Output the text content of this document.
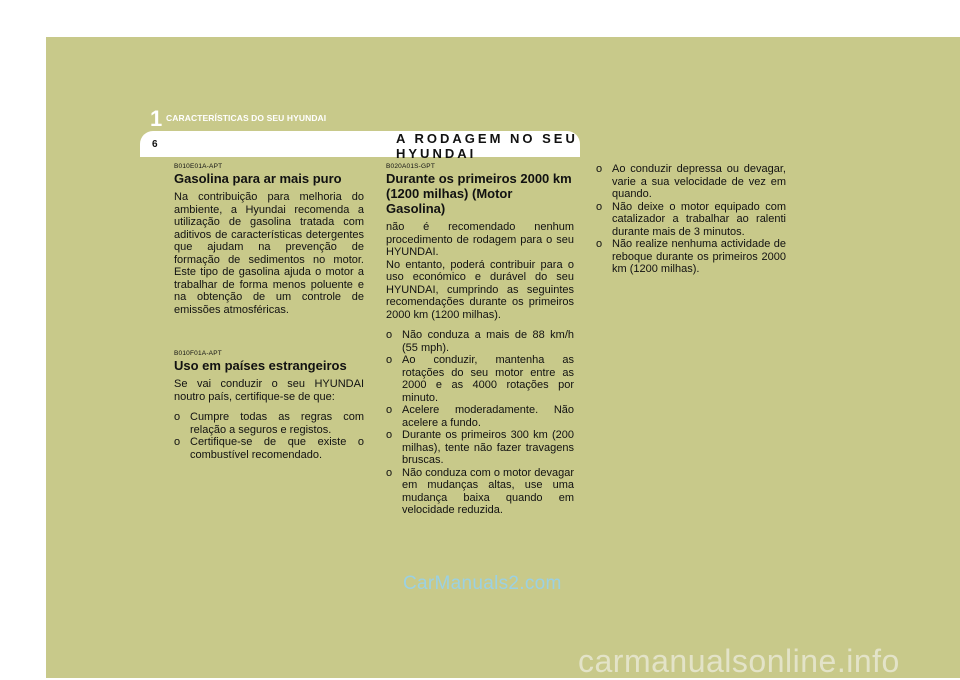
1 CARACTERÍSTICAS DO SEU HYUNDAI
6	A RODAGEM NO SEU HYUNDAI
B010E01A-APT
Gasolina para ar mais puro

Na contribuição para melhoria do ambiente, a Hyundai recomenda a utilização de gasolina tratada com aditivos de características detergentes que ajudam na prevenção de formação de sedimentos no motor. Este tipo de gasolina ajuda o motor a trabalhar de forma menos poluente e na obtenção de um controle de emissões atmosféricas.

B010F01A-APT
Uso em países estrangeiros

Se vai conduzir o seu HYUNDAI noutro país, certifique-se de que:

o Cumpre todas as regras com relação a seguros e registos.
o Certifique-se de que existe o combustível recomendado.
B020A01S-GPT
Durante os primeiros 2000 km (1200 milhas) (Motor Gasolina)

não é recomendado nenhum procedimento de rodagem para o seu HYUNDAI.
No entanto, poderá contribuir para o uso económico e durável do seu HYUNDAI, cumprindo as seguintes recomendações durante os primeiros 2000 km (1200 milhas).

o Não conduza a mais de 88 km/h (55 mph).
o Ao conduzir, mantenha as rotações do seu motor entre as 2000 e as 4000 rotações por minuto.
o Acelere moderadamente. Não acelere a fundo.
o Durante os primeiros 300 km (200 milhas), tente não fazer travagens bruscas.
o Não conduza com o motor devagar em mudanças altas, use uma mudança baixa quando em velocidade reduzida.
o Ao conduzir depressa ou devagar, varie a sua velocidade de vez em quando.
o Não deixe o motor equipado com catalizador a trabalhar ao ralenti durante mais de 3 minutos.
o Não realize nenhuma actividade de reboque durante os primeiros 2000 km (1200 milhas).
CarManuals2.com
carmanualsonline.info
